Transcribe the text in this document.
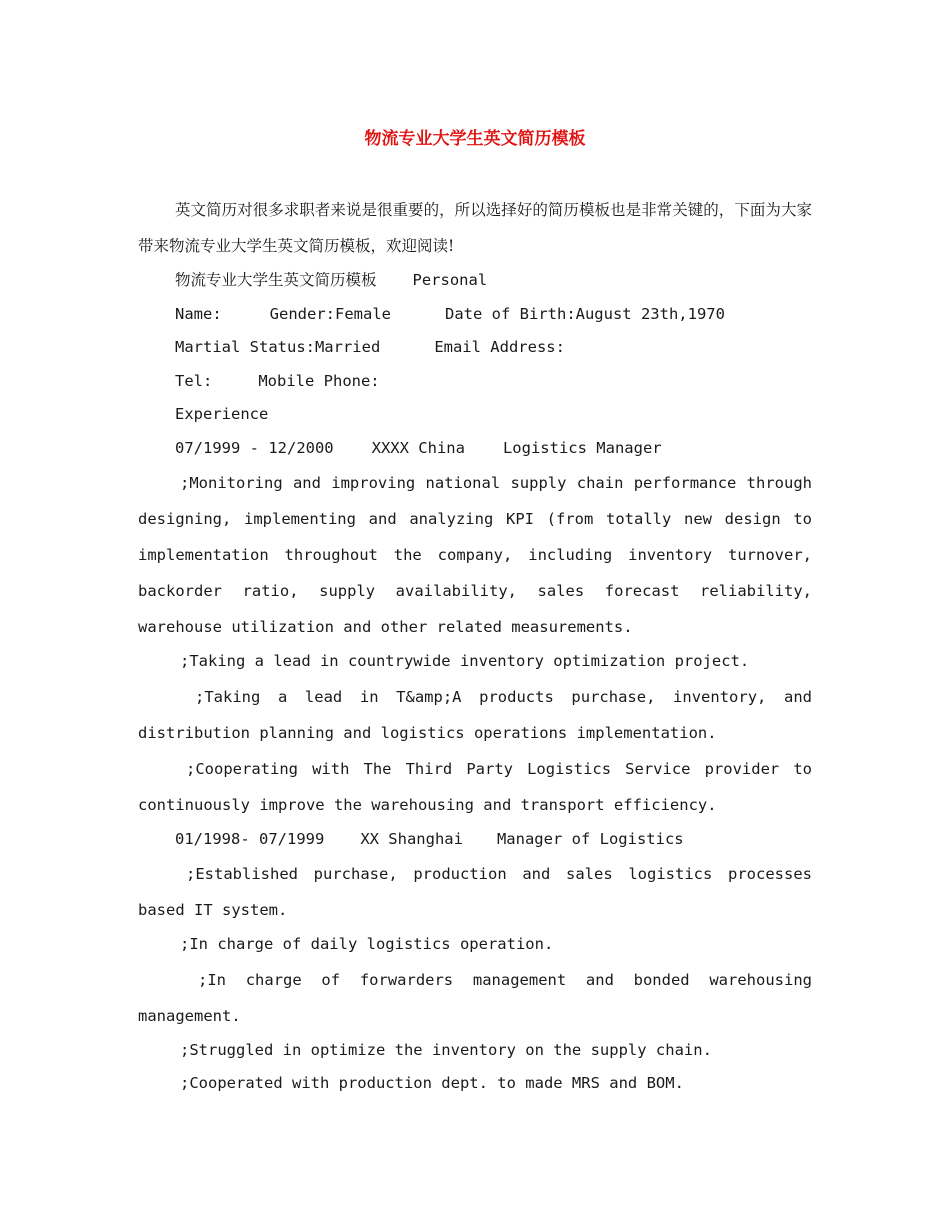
物流专业大学生英文简历模板

英文简历对很多求职者来说是很重要的，所以选择好的简历模板也是非常关键的，下面为大家带来物流专业大学生英文简历模板，欢迎阅读!

物流专业大学生英文简历模板 Personal

Name:	Gender:Female	Date of Birth:August 23th,1970

Martial Status:Married	Email Address:

Tel:	Mobile Phone:

Experience

07/1999 - 12/2000 XXXX China Logistics Manager

;Monitoring and improving national supply chain performance through designing, implementing and analyzing KPI (from totally new design to implementation throughout the company, including inventory turnover, backorder ratio, supply availability, sales forecast reliability, warehouse utilization and other related measurements.

;Taking a lead in countrywide inventory optimization project.

;Taking a lead in T&amp;A products purchase, inventory, and distribution planning and logistics operations implementation.

;Cooperating with The Third Party Logistics Service provider to continuously improve the warehousing and transport efficiency.

01/1998- 07/1999 XX Shanghai Manager of Logistics

;Established purchase, production and sales logistics processes based IT system.

;In charge of daily logistics operation.

;In charge of forwarders management and bonded warehousing management.

;Struggled in optimize the inventory on the supply chain.

;Cooperated with production dept. to made MRS and BOM.
